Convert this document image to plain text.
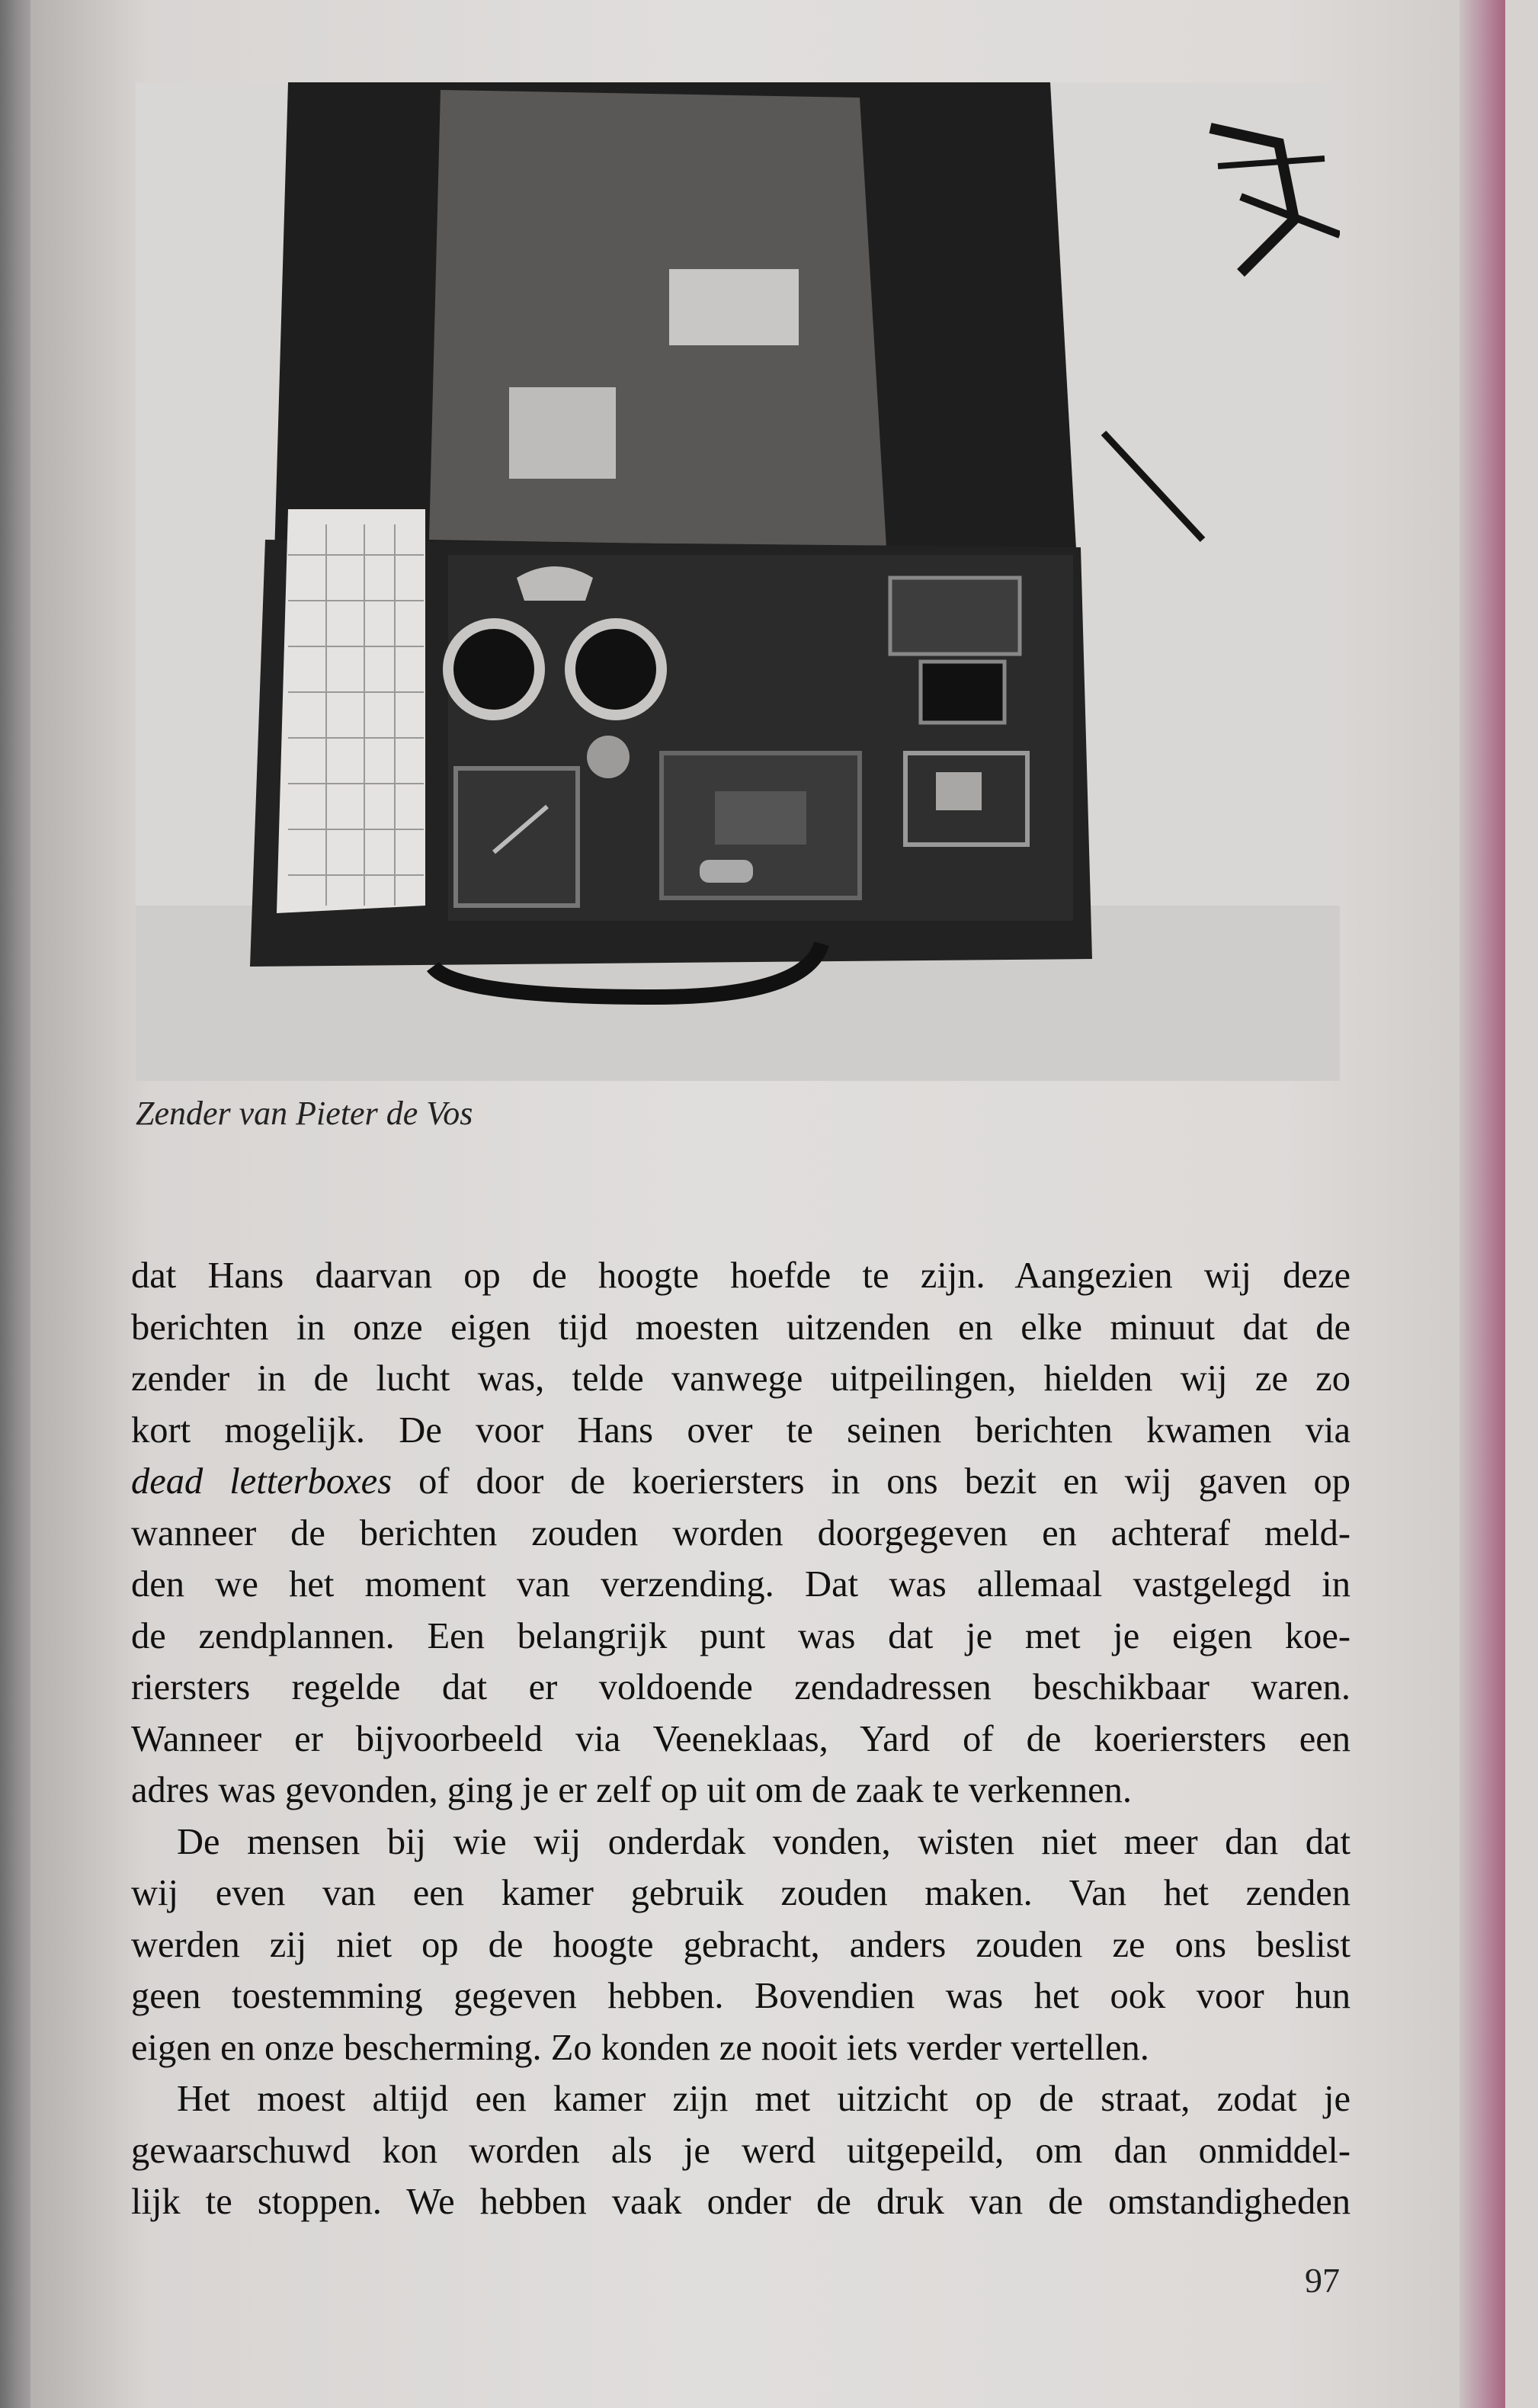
Zender van Pieter de Vos
dat Hans daarvan op de hoogte hoefde te zijn. Aangezien wij deze
berichten in onze eigen tijd moesten uitzenden en elke minuut dat de
zender in de lucht was, telde vanwege uitpeilingen, hielden wij ze zo
kort mogelijk. De voor Hans over te seinen berichten kwamen via
dead letterboxes of door de koeriersters in ons bezit en wij gaven op
wanneer de berichten zouden worden doorgegeven en achteraf meld-
den we het moment van verzending. Dat was allemaal vastgelegd in
de zendplannen. Een belangrijk punt was dat je met je eigen koe-
riersters regelde dat er voldoende zendadressen beschikbaar waren.
Wanneer er bijvoorbeeld via Veeneklaas, Yard of de koeriersters een
adres was gevonden, ging je er zelf op uit om de zaak te verkennen.
De mensen bij wie wij onderdak vonden, wisten niet meer dan dat
wij even van een kamer gebruik zouden maken. Van het zenden
werden zij niet op de hoogte gebracht, anders zouden ze ons beslist
geen toestemming gegeven hebben. Bovendien was het ook voor hun
eigen en onze bescherming. Zo konden ze nooit iets verder vertellen.
Het moest altijd een kamer zijn met uitzicht op de straat, zodat je
gewaarschuwd kon worden als je werd uitgepeild, om dan onmiddel-
lijk te stoppen. We hebben vaak onder de druk van de omstandigheden
97
